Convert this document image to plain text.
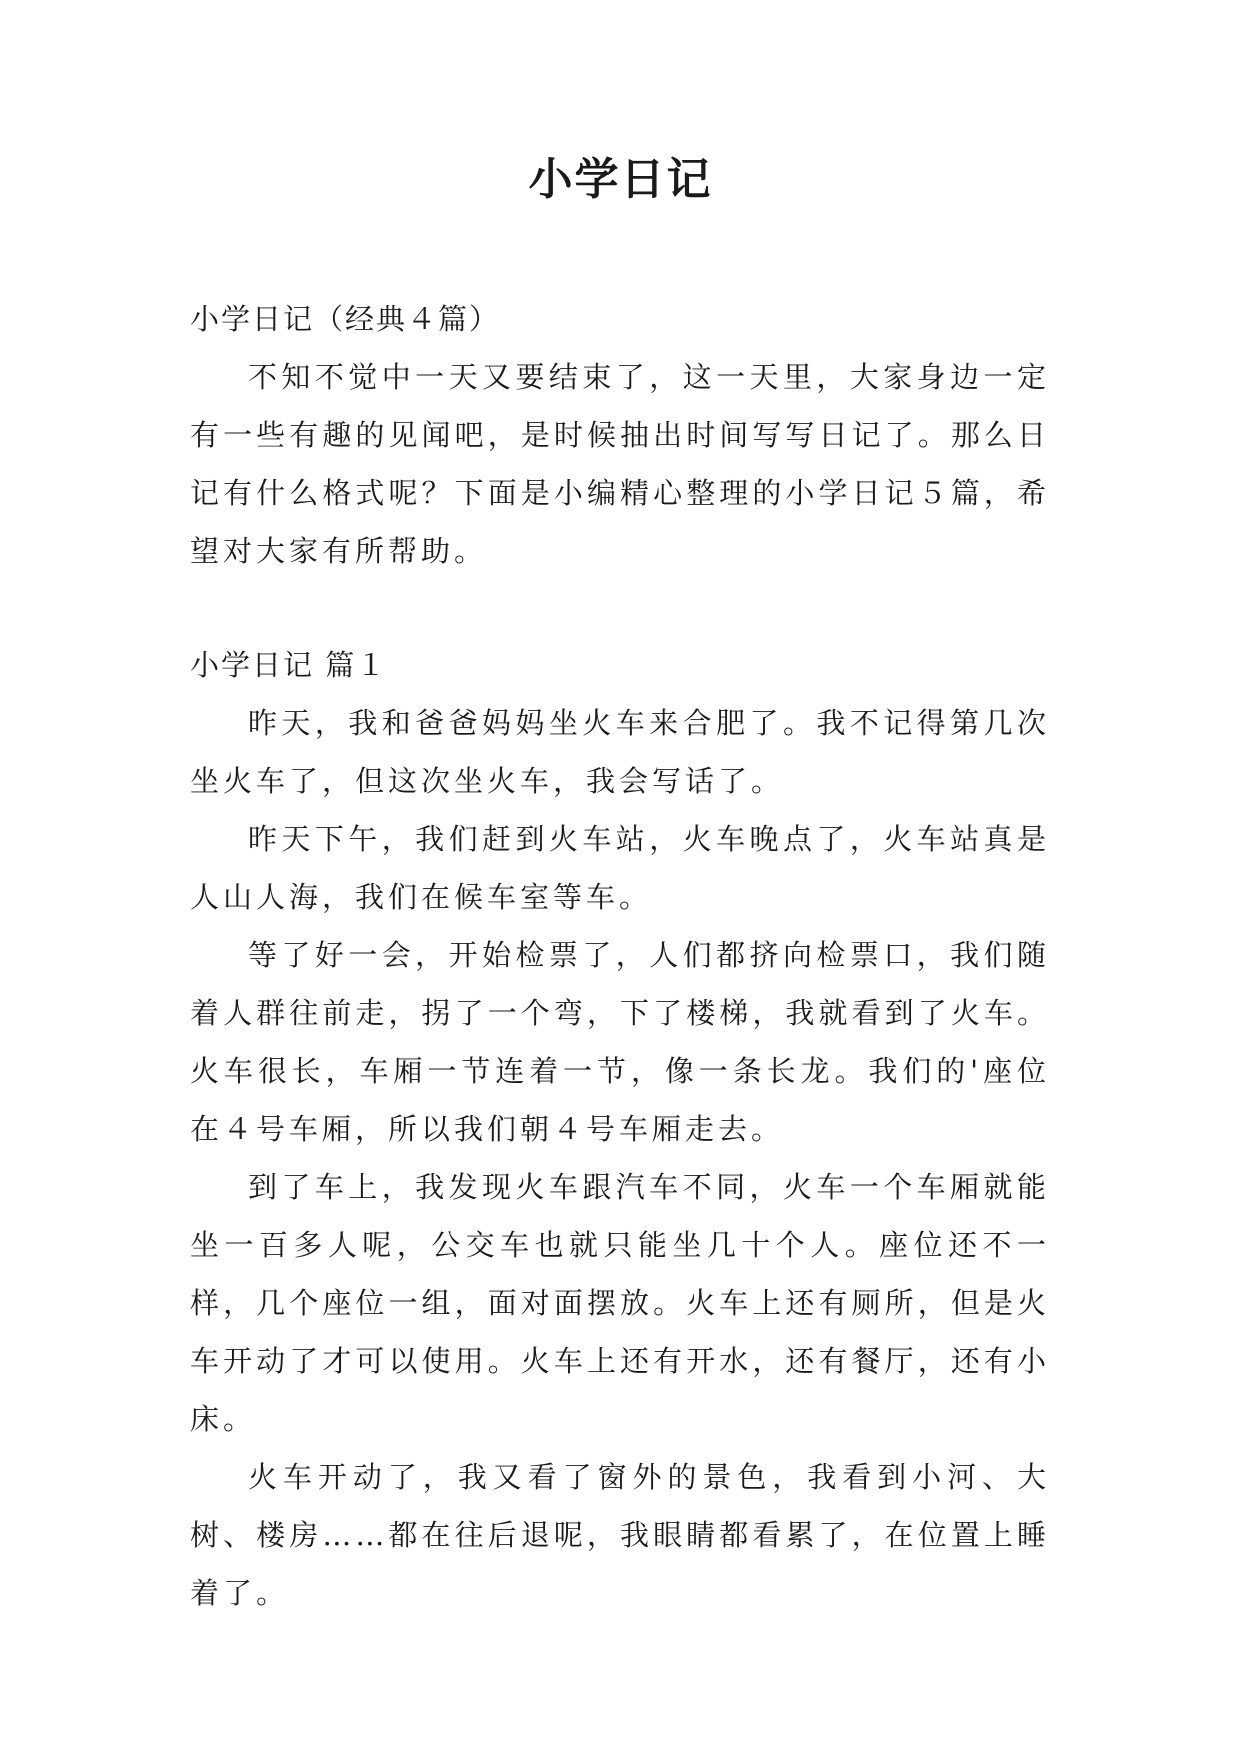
小学日记

小学日记（经典４篇）

不知不觉中一天又要结束了，这一天里，大家身边一定有一些有趣的见闻吧，是时候抽出时间写写日记了。那么日记有什么格式呢？下面是小编精心整理的小学日记５篇，希望对大家有所帮助。

小学日记 篇１

昨天，我和爸爸妈妈坐火车来合肥了。我不记得第几次坐火车了，但这次坐火车，我会写话了。

昨天下午，我们赶到火车站，火车晚点了，火车站真是人山人海，我们在候车室等车。

等了好一会，开始检票了，人们都挤向检票口，我们随着人群往前走，拐了一个弯，下了楼梯，我就看到了火车。火车很长，车厢一节连着一节，像一条长龙。我们的'座位在４号车厢，所以我们朝４号车厢走去。

到了车上，我发现火车跟汽车不同，火车一个车厢就能坐一百多人呢，公交车也就只能坐几十个人。座位还不一样，几个座位一组，面对面摆放。火车上还有厕所，但是火车开动了才可以使用。火车上还有开水，还有餐厅，还有小床。

火车开动了，我又看了窗外的景色，我看到小河、大树、楼房……都在往后退呢，我眼睛都看累了，在位置上睡着了。
